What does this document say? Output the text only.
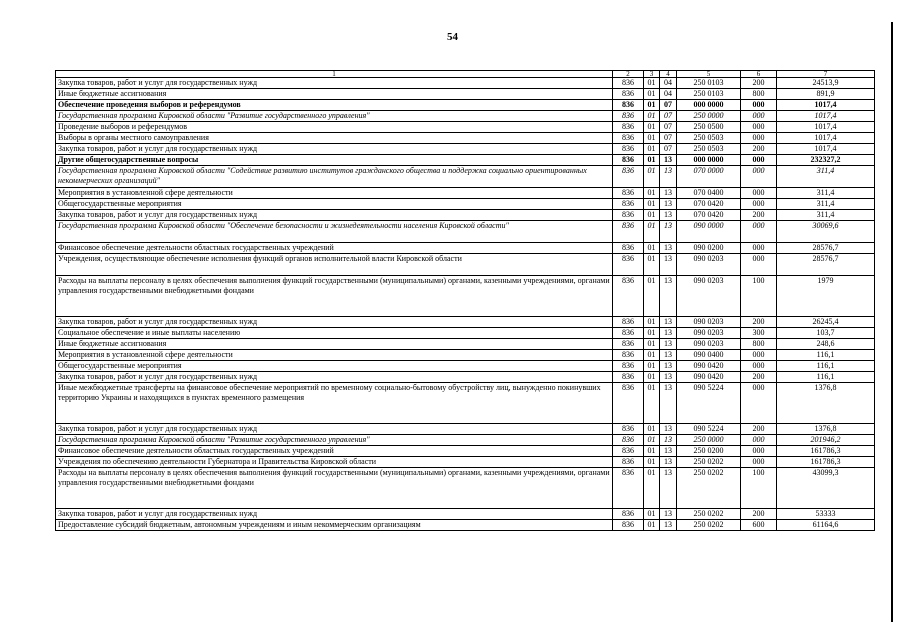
54
1	2	3	4	5	6	7
Закупка товаров, работ и услуг для государственных нужд	836	01	04	250 0103	200	24513,9
Иные бюджетные ассигнования	836	01	04	250 0103	800	891,9
Обеспечение проведения выборов и референдумов	836	01	07	000 0000	000	1017,4
Государственная программа Кировской области "Развитие государственного управления"	836	01	07	250 0000	000	1017,4
Проведение выборов и референдумов	836	01	07	250 0500	000	1017,4
Выборы в органы местного самоуправления	836	01	07	250 0503	000	1017,4
Закупка товаров, работ и услуг для государственных нужд	836	01	07	250 0503	200	1017,4
Другие общегосударственные вопросы	836	01	13	000 0000	000	232327,2
Государственная программа Кировской области "Содействие развитию институтов гражданского общества и поддержка социально ориентированных некоммерческих организаций"	836	01	13	070 0000	000	311,4
Мероприятия в установленной сфере деятельности	836	01	13	070 0400	000	311,4
Общегосударственные мероприятия	836	01	13	070 0420	000	311,4
Закупка товаров, работ и услуг для государственных нужд	836	01	13	070 0420	200	311,4
Государственная программа Кировской области "Обеспечение безопасности и жизнедеятельности населения Кировской области"	836	01	13	090 0000	000	30069,6
Финансовое обеспечение деятельности областных государственных учреждений	836	01	13	090 0200	000	28576,7
Учреждения, осуществляющие обеспечение исполнения функций органов исполнительной власти Кировской области	836	01	13	090 0203	000	28576,7
Расходы на выплаты персоналу в целях обеспечения выполнения функций государственными (муниципальными) органами, казенными учреждениями, органами управления государственными внебюджетными фондами	836	01	13	090 0203	100	1979
Закупка товаров, работ и услуг для государственных нужд	836	01	13	090 0203	200	26245,4
Социальное обеспечение и иные выплаты населению	836	01	13	090 0203	300	103,7
Иные бюджетные ассигнования	836	01	13	090 0203	800	248,6
Мероприятия в установленной сфере деятельности	836	01	13	090 0400	000	116,1
Общегосударственные мероприятия	836	01	13	090 0420	000	116,1
Закупка товаров, работ и услуг для государственных нужд	836	01	13	090 0420	200	116,1
Иные межбюджетные трансферты на финансовое обеспечение мероприятий по временному социально-бытовому обустройству лиц, вынужденно покинувших территорию Украины и находящихся в пунктах временного размещения	836	01	13	090 5224	000	1376,8
Закупка товаров, работ и услуг для государственных нужд	836	01	13	090 5224	200	1376,8
Государственная программа Кировской области "Развитие государственного управления"	836	01	13	250 0000	000	201946,2
Финансовое обеспечение деятельности областных государственных учреждений	836	01	13	250 0200	000	161786,3
Учреждения по обеспечению деятельности Губернатора и Правительства Кировской области	836	01	13	250 0202	000	161786,3
Расходы на выплаты персоналу в целях обеспечения выполнения функций государственными (муниципальными) органами, казенными учреждениями, органами управления государственными внебюджетными фондами	836	01	13	250 0202	100	43099,3
Закупка товаров, работ и услуг для государственных нужд	836	01	13	250 0202	200	53333
Предоставление субсидий бюджетным, автономным учреждениям и иным некоммерческим организациям	836	01	13	250 0202	600	61164,6
